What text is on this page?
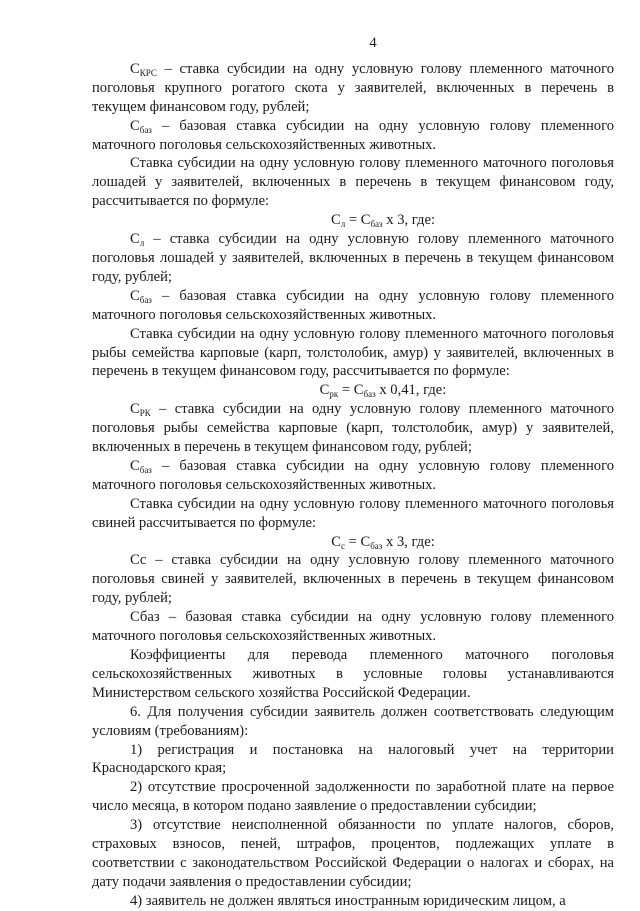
4

$С_{КРС}$ – ставка субсидии на одну условную голову племенного маточного поголовья крупного рогатого скота у заявителей, включенных в перечень в текущем финансовом году, рублей;

$С_{баз}$ – базовая ставка субсидии на одну условную голову племенного маточного поголовья сельскохозяйственных животных.

Ставка субсидии на одну условную голову племенного маточного поголовья лошадей у заявителей, включенных в перечень в текущем финансовом году, рассчитывается по формуле:

$С_л = С_{баз}$ х 3, где:

$С_л$ – ставка субсидии на одну условную голову племенного маточного поголовья лошадей у заявителей, включенных в перечень в текущем финансовом году, рублей;

$С_{баз}$ – базовая ставка субсидии на одну условную голову племенного маточного поголовья сельскохозяйственных животных.

Ставка субсидии на одну условную голову племенного маточного поголовья рыбы семейства карповые (карп, толстолобик, амур) у заявителей, включенных в перечень в текущем финансовом году, рассчитывается по формуле:

$С_{рк} = С_{баз}$ х 0,41, где:

$С_{РК}$ – ставка субсидии на одну условную голову племенного маточного поголовья рыбы семейства карповые (карп, толстолобик, амур) у заявителей, включенных в перечень в текущем финансовом году, рублей;

$С_{баз}$ – базовая ставка субсидии на одну условную голову племенного маточного поголовья сельскохозяйственных животных.

Ставка субсидии на одну условную голову племенного маточного поголовья свиней рассчитывается по формуле:

$С_с = С_{баз}$ х 3, где:

Сс – ставка субсидии на одну условную голову племенного маточного поголовья свиней у заявителей, включенных в перечень в текущем финансовом году, рублей;

Сбаз – базовая ставка субсидии на одну условную голову племенного маточного поголовья сельскохозяйственных животных.

Коэффициенты для перевода племенного маточного поголовья сельскохозяйственных животных в условные головы устанавливаются Министерством сельского хозяйства Российской Федерации.

6. Для получения субсидии заявитель должен соответствовать следующим условиям (требованиям):

1) регистрация и постановка на налоговый учет на территории Краснодарского края;

2) отсутствие просроченной задолженности по заработной плате на первое число месяца, в котором подано заявление о предоставлении субсидии;

3) отсутствие неисполненной обязанности по уплате налогов, сборов, страховых взносов, пеней, штрафов, процентов, подлежащих уплате в соответствии с законодательством Российской Федерации о налогах и сборах, на дату подачи заявления о предоставлении субсидии;

4) заявитель не должен являться иностранным юридическим лицом, а
